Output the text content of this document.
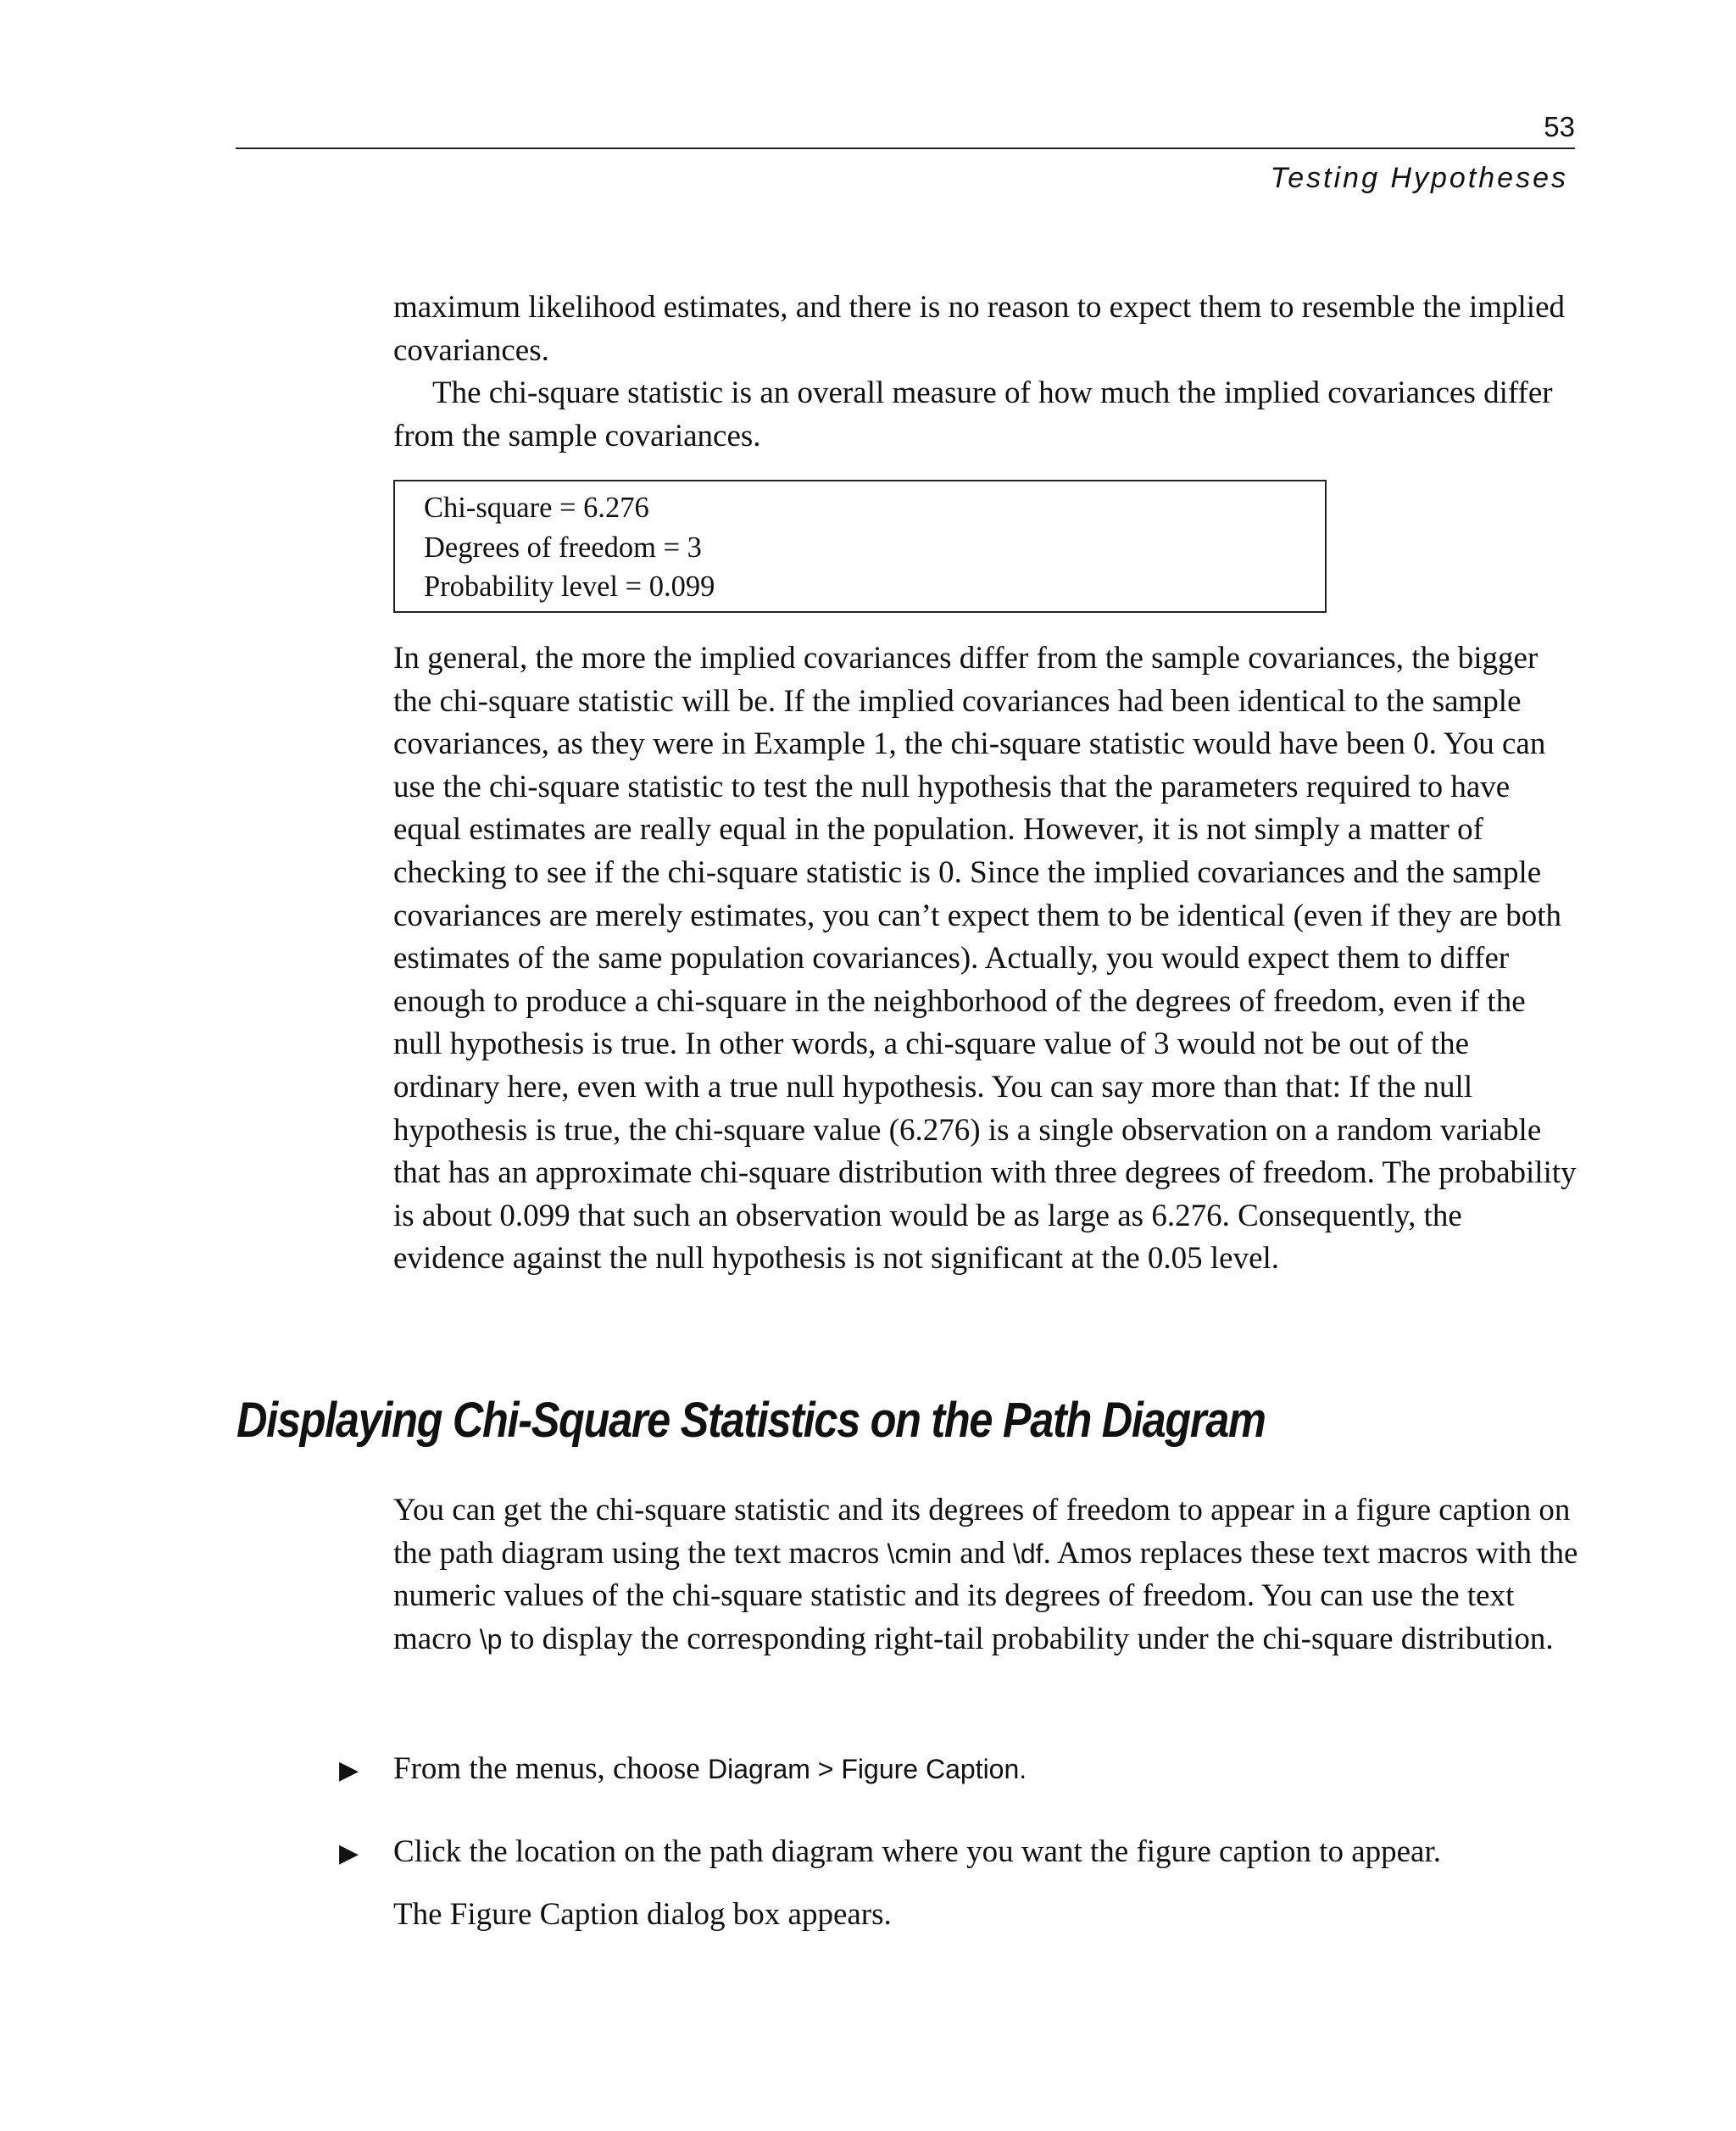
53

Testing Hypotheses

maximum likelihood estimates, and there is no reason to expect them to resemble the implied covariances.

The chi-square statistic is an overall measure of how much the implied covariances differ from the sample covariances.

Chi-square = 6.276

Degrees of freedom = 3

Probability level = 0.099

In general, the more the implied covariances differ from the sample covariances, the bigger the chi-square statistic will be. If the implied covariances had been identical to the sample covariances, as they were in Example 1, the chi-square statistic would have been 0. You can use the chi-square statistic to test the null hypothesis that the parameters required to have equal estimates are really equal in the population. However, it is not simply a matter of checking to see if the chi-square statistic is 0. Since the implied covariances and the sample covariances are merely estimates, you can’t expect them to be identical (even if they are both estimates of the same population covariances). Actually, you would expect them to differ enough to produce a chi-square in the neighborhood of the degrees of freedom, even if the null hypothesis is true. In other words, a chi-square value of 3 would not be out of the ordinary here, even with a true null hypothesis. You can say more than that: If the null hypothesis is true, the chi-square value (6.276) is a single observation on a random variable that has an approximate chi-square distribution with three degrees of freedom. The probability is about 0.099 that such an observation would be as large as 6.276. Consequently, the evidence against the null hypothesis is not significant at the 0.05 level.

Displaying Chi-Square Statistics on the Path Diagram

You can get the chi-square statistic and its degrees of freedom to appear in a figure caption on the path diagram using the text macros \cmin and \df. Amos replaces these text macros with the numeric values of the chi-square statistic and its degrees of freedom. You can use the text macro \p to display the corresponding right-tail probability under the chi-square distribution.

▶	From the menus, choose Diagram > Figure Caption.
▶	Click the location on the path diagram where you want the figure caption to appear.

The Figure Caption dialog box appears.
